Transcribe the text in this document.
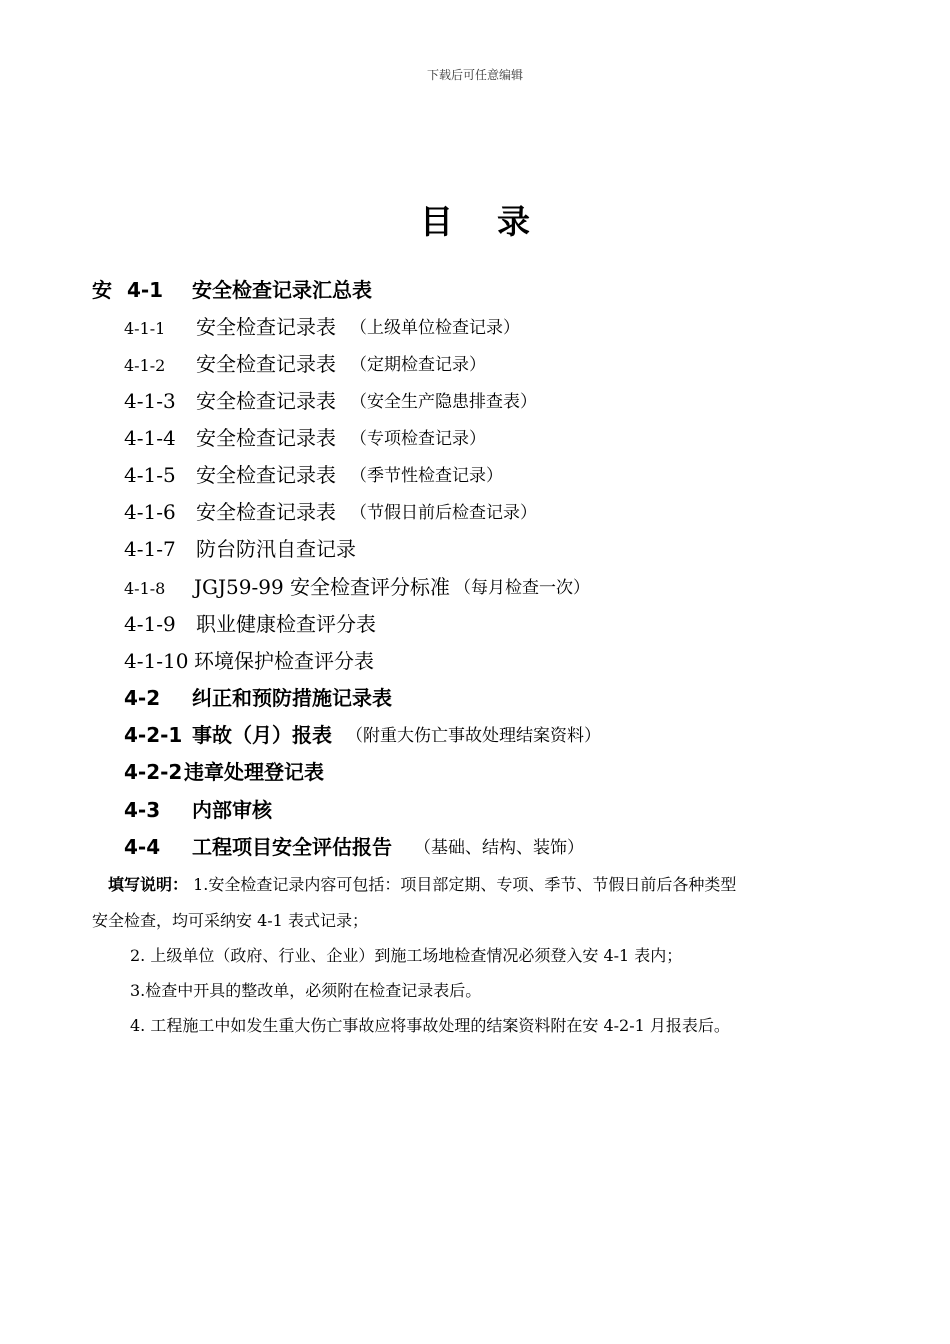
下载后可任意编辑
目录
安 4-1 安全检查记录汇总表
4-1-1 安全检查记录表 （上级单位检查记录）
4-1-2 安全检查记录表 （定期检查记录）
4-1-3 安全检查记录表 （安全生产隐患排查表）
4-1-4 安全检查记录表 （专项检查记录）
4-1-5 安全检查记录表 （季节性检查记录）
4-1-6 安全检查记录表 （节假日前后检查记录）
4-1-7 防台防汛自查记录
4-1-8 JGJ59-99 安全检查评分标准 （每月检查一次）
4-1-9 职业健康检查评分表
4-1-10 环境保护检查评分表
4-2 纠正和预防措施记录表
4-2-1 事故（月）报表 （附重大伤亡事故处理结案资料）
4-2-2 违章处理登记表
4-3 内部审核
4-4 工程项目安全评估报告 （基础、结构、装饰）
填写说明： 1.安全检查记录内容可包括：项目部定期、专项、季节、节假日前后各种类型
安全检查，均可采纳安 4-1 表式记录；
2. 上级单位（政府、行业、企业）到施工场地检查情况必须登入安 4-1 表内；
3.检查中开具的整改单，必须附在检查记录表后。
4. 工程施工中如发生重大伤亡事故应将事故处理的结案资料附在安 4-2-1 月报表后。
